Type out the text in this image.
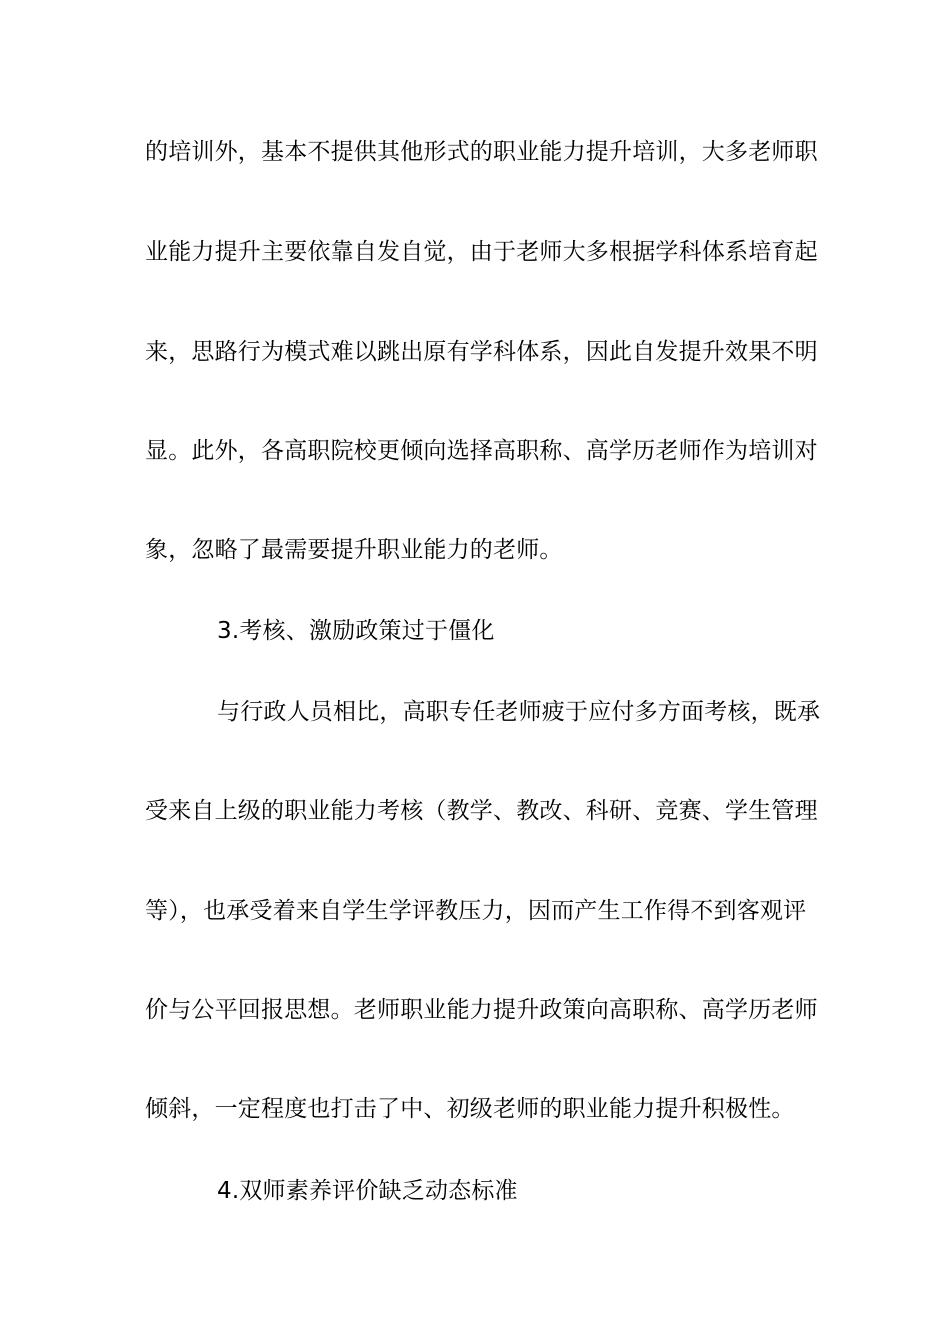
的培训外，基本不提供其他形式的职业能力提升培训，大多老师职
业能力提升主要依靠自发自觉，由于老师大多根据学科体系培育起
来，思路行为模式难以跳出原有学科体系，因此自发提升效果不明
显。此外，各高职院校更倾向选择高职称、高学历老师作为培训对
象，忽略了最需要提升职业能力的老师。
3.考核、激励政策过于僵化
与行政人员相比，高职专任老师疲于应付多方面考核，既承
受来自上级的职业能力考核（教学、教改、科研、竞赛、学生管理
等），也承受着来自学生学评教压力，因而产生工作得不到客观评
价与公平回报思想。老师职业能力提升政策向高职称、高学历老师
倾斜，一定程度也打击了中、初级老师的职业能力提升积极性。
4.双师素养评价缺乏动态标准
